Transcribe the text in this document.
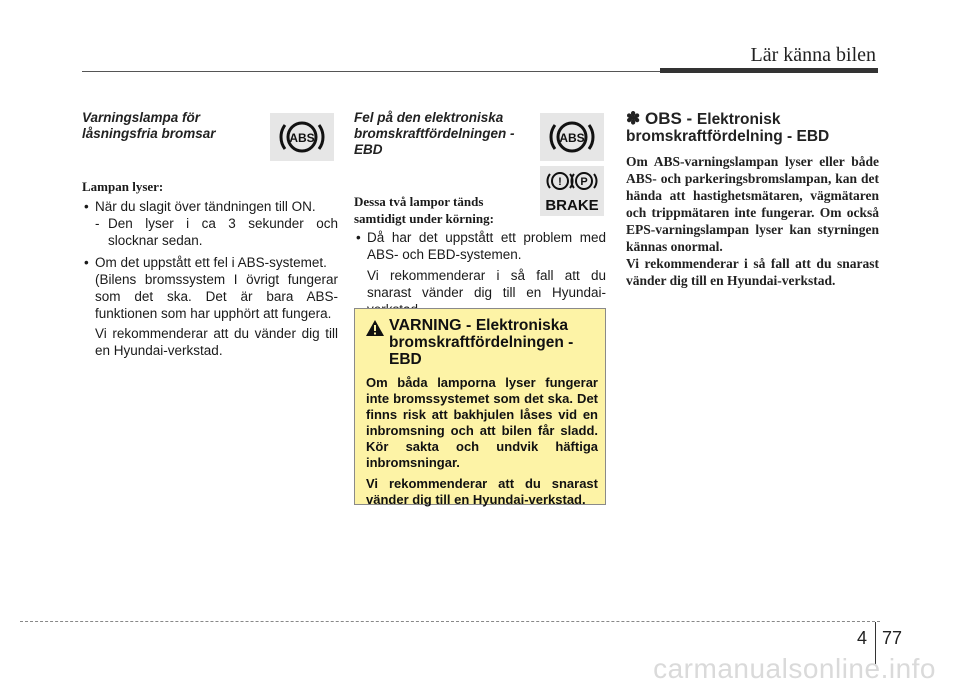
Lär känna bilen
Varningslampa för låsningsfria bromsar
Lampan lyser:
• När du slagit över tändningen till ON.
- Den lyser i ca 3 sekunder och slocknar sedan.
• Om det uppstått ett fel i ABS-systemet.
(Bilens bromssystem I övrigt fungerar som det ska. Det är bara ABS-funktionen som har upphört att fungera.
Vi rekommenderar att du vänder dig till en Hyundai-verkstad.
ABS
Fel på den elektroniska bromskraftfördelningen - EBD
Dessa två lampor tänds samtidigt under körning:
• Då har det uppstått ett problem med ABS- och EBD-systemen.
Vi rekommenderar i så fall att du snarast vänder dig till en Hyundai-
ABS
! P
BRAKE
VARNING - Elektroniska bromskraftfördelningen - EBD

Om båda lamporna lyser fungerar inte bromssystemet som det ska. Det finns risk att bakhjulen låses vid en inbromsning och att bilen får sladd. Kör sakta och undvik häftiga inbromsningar.

Vi rekommenderar att du snarast vänder dig till en Hyundai-verkstad.

✽ OBS - Elektronisk bromskraftfördelning - EBD
Om ABS-varningslampan lyser eller både ABS- och parkeringsbromslampan, kan det hända att hastighetsmätaren, vägmätaren och trippmätaren inte fungerar. Om också EPS-varningslampan lyser kan styrningen kännas onormal.
Vi rekommenderar i så fall att du snarast vänder dig till en Hyundai-verkstad.
4 77
carmanualsonline.info
